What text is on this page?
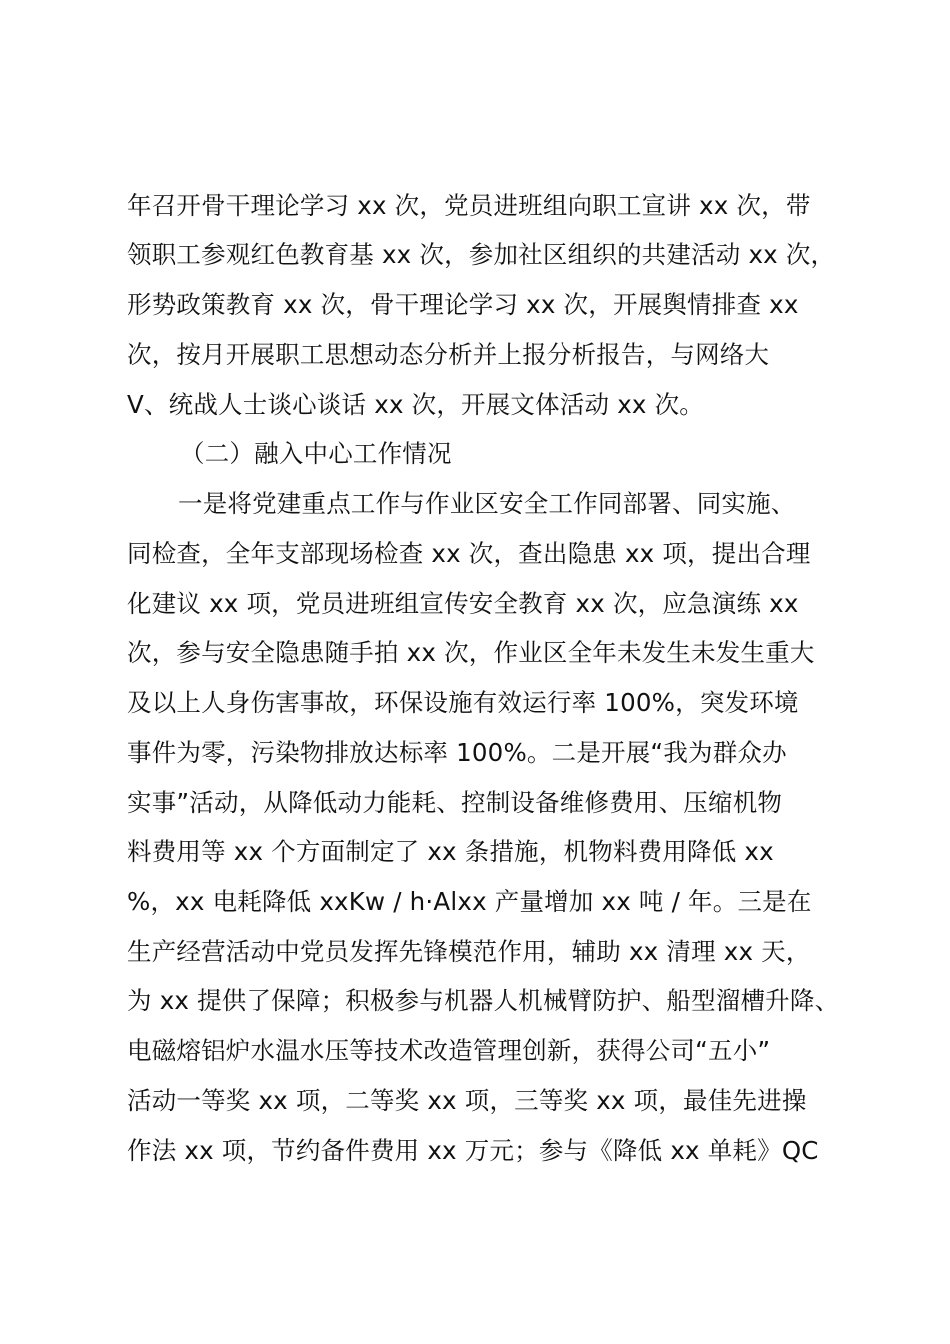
年召开骨干理论学习 xx 次，党员进班组向职工宣讲 xx 次，带
领职工参观红色教育基 xx 次，参加社区组织的共建活动 xx 次，
形势政策教育 xx 次，骨干理论学习 xx 次，开展舆情排查 xx
次，按月开展职工思想动态分析并上报分析报告，与网络大
V、统战人士谈心谈话 xx 次，开展文体活动 xx 次。
（二）融入中心工作情况
一是将党建重点工作与作业区安全工作同部署、同实施、
同检查，全年支部现场检查 xx 次，查出隐患 xx 项，提出合理
化建议 xx 项，党员进班组宣传安全教育 xx 次，应急演练 xx
次，参与安全隐患随手拍 xx 次，作业区全年未发生未发生重大
及以上人身伤害事故，环保设施有效运行率 100%，突发环境
事件为零，污染物排放达标率 100%。二是开展“我为群众办
实事”活动，从降低动力能耗、控制设备维修费用、压缩机物
料费用等 xx 个方面制定了 xx 条措施，机物料费用降低 xx
%，xx 电耗降低 xxKw / h·Alxx 产量增加 xx 吨 / 年。三是在
生产经营活动中党员发挥先锋模范作用，辅助 xx 清理 xx 天，
为 xx 提供了保障；积极参与机器人机械臂防护、船型溜槽升降、
电磁熔铝炉水温水压等技术改造管理创新，获得公司“五小”
活动一等奖 xx 项，二等奖 xx 项，三等奖 xx 项，最佳先进操
作法 xx 项，节约备件费用 xx 万元；参与《降低 xx 单耗》QC
